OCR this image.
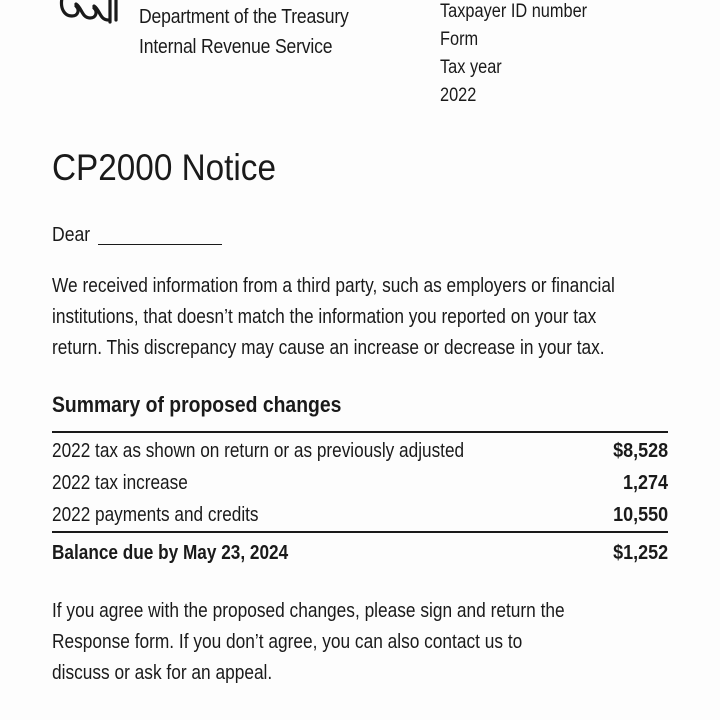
Department of the Treasury
Internal Revenue Service
Taxpayer ID number
Form
Tax year
2022
CP2000 Notice
Dear
We received information from a third party, such as employers or financial
institutions, that doesn’t match the information you reported on your tax
return. This discrepancy may cause an increase or decrease in your tax.
Summary of proposed changes
2022 tax as shown on return or as previously adjusted	$8,528
2022 tax increase	1,274
2022 payments and credits	10,550
Balance due by May 23, 2024	$1,252
If you agree with the proposed changes, please sign and return the
Response form. If you don’t agree, you can also contact us to
discuss or ask for an appeal.
